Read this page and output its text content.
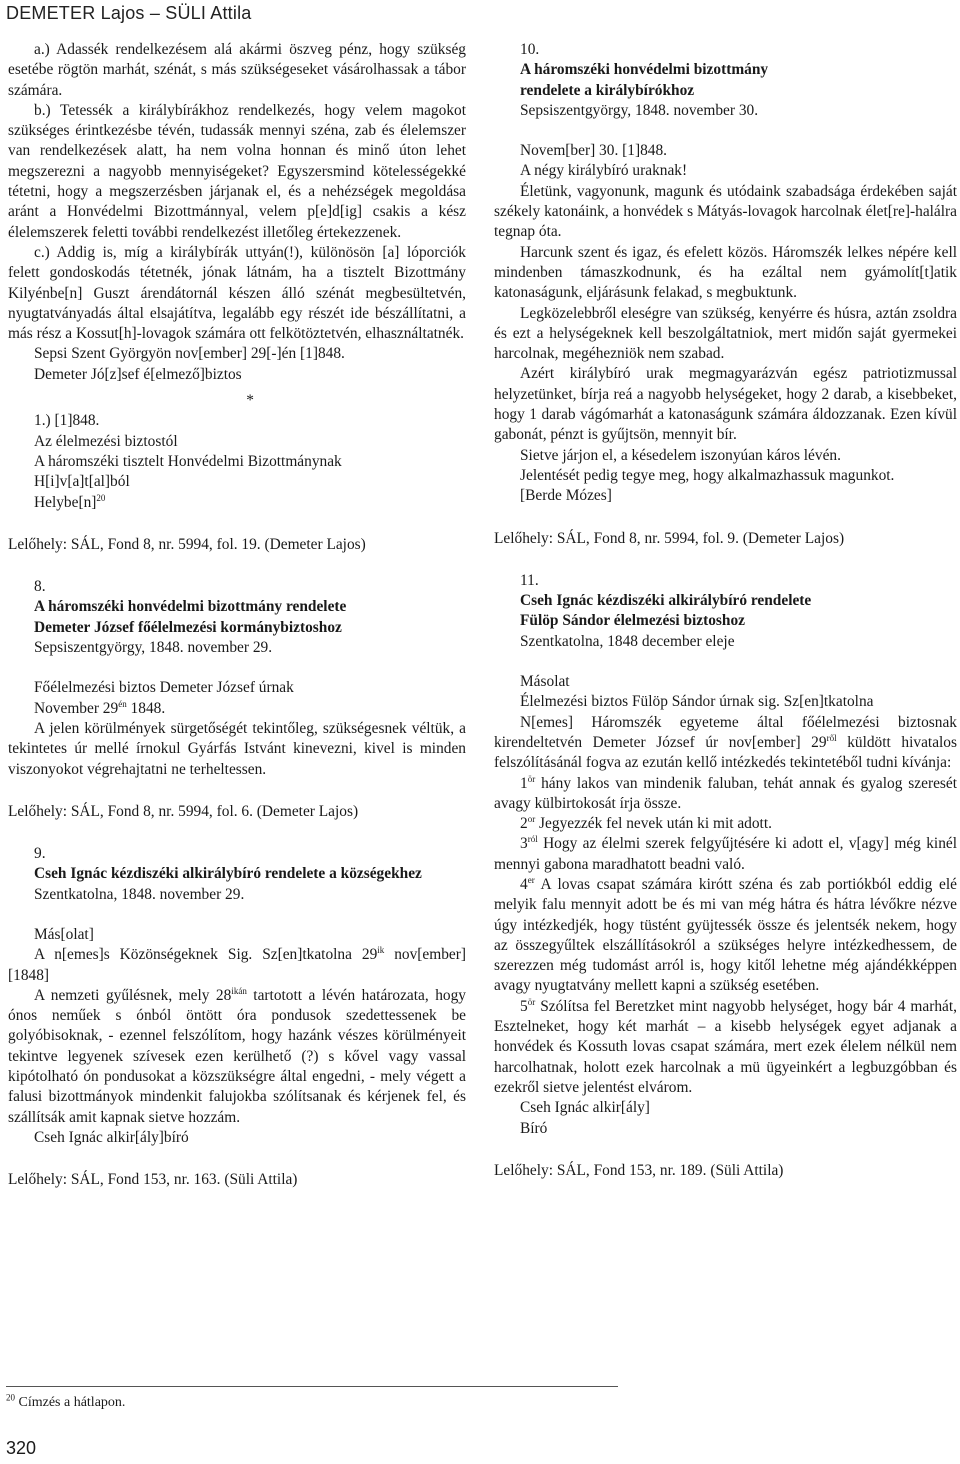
DEMETER Lajos – SÜLI Attila

a.) Adassék rendelkezésem alá akármi öszveg pénz, hogy szükség esetébe rögtön marhát, szénát, s más szükségeseket vásárolhassak a tábor számára.

b.) Tetessék a királybírákhoz rendelkezés, hogy velem magokot szükséges érintkezésbe tévén, tudassák mennyi széna, zab és élelemszer van rendelkezések alatt, ha nem volna honnan és minő úton lehet megszerezni a nagyobb mennyiségeket? Egyszersmind kötelességekké tétetni, hogy a megszerzésben járjanak el, és a nehézségek megoldása aránt a Honvédelmi Bizottmánnyal, velem p[e]d[ig] csakis a kész élelemszerek feletti további rendelkezést illetőleg értekezzenek.

c.) Addig is, míg a királybírák uttyán(!), különösön [a] lóporciók felett gondoskodás tétetnék, jónak látnám, ha a tisztelt Bizottmány Kilyénbe[n] Guszt árendátornál készen álló szénát megbesültetvén, nyugtatványadás által elsajátítva, legalább egy részét ide bészállítatni, a más rész a Kossut[h]-lovagok számára ott felkötöztetvén, elhasználtatnék.

Sepsi Szent Györgyön nov[ember] 29[-]én [1]848.

Demeter Jó[z]sef é[elmező]biztos

*

1.) [1]848.

Az élelmezési biztostól

A háromszéki tisztelt Honvédelmi Bizottmánynak

H[i]v[a]t[al]ból

$Helybe[n]^{20}$

Lelőhely: SÁL, Fond 8, nr. 5994, fol. 19. (Demeter Lajos)

8.

A háromszéki honvédelmi bizottmány rendelete

Demeter József főélelmezési kormánybiztoshoz

Sepsiszentgyörgy, 1848. november 29.

Főélelmezési biztos Demeter József úrnak

November $29^{én}$ 1848.

A jelen körülmények sürgetőségét tekintőleg, szükségesnek véltük, a tekintetes úr mellé írnokul Gyárfás Istvánt kinevezni, kivel is minden viszonyokot végrehajtatni ne terheltessen.

Lelőhely: SÁL, Fond 8, nr. 5994, fol. 6. (Demeter Lajos)

9.

Cseh Ignác kézdiszéki alkirálybíró rendelete a községekhez

Szentkatolna, 1848. november 29.

Más[olat]

A n[emes]s Közönségeknek Sig. Sz[en]tkatolna $29^{ik}$ nov[ember] [1848]

A nemzeti gyűlésnek, mely $28^{ikán}$ tartotott a lévén határozata, hogy ónos neműek s ónból öntött óra pondusok szedettessenek be golyóbisoknak, - ezennel felszólítom, hogy hazánk vészes körülményeit tekintve legyenek szívesek ezen kerülhető (?) s kővel vagy vassal kipótolható ón pondusokat a közszükségre által engedni, - mely végett a falusi bizottmányok mindenkit falujokba szólítsanak és kérjenek fel, és szállítsák amit kapnak sietve hozzám.

Cseh Ignác alkir[ály]bíró

Lelőhely: SÁL, Fond 153, nr. 163. (Süli Attila)

10.

A háromszéki honvédelmi bizottmány

rendelete a királybírókhoz

Sepsiszentgyörgy, 1848. november 30.

Novem[ber] 30. [1]848.

A négy királybíró uraknak!

Életünk, vagyonunk, magunk és utódaink szabadsága érdekében saját székely katonáink, a honvédek s Mátyás-lovagok harcolnak élet[re]-halálra tegnap óta.

Harcunk szent és igaz, és efelett közös. Háromszék lelkes népére kell mindenben támaszkodnunk, és ha ezáltal nem gyámolít[t]atik katonaságunk, eljárásunk felakad, s megbuktunk.

Legközelebbről eleségre van szükség, kenyérre és húsra, aztán zsoldra és ezt a helységeknek kell beszolgáltatniok, mert midőn saját gyermekei harcolnak, megéhezniök nem szabad.

Azért királybíró urak megmagyarázván egész patriotizmussal helyzetünket, bírja reá a nagyobb helységeket, hogy 2 darab, a kisebbeket, hogy 1 darab vágómarhát a katonaságunk számára áldozzanak. Ezen kívül gabonát, pénzt is gyűjtsön, mennyit bír.

Sietve járjon el, a késedelem iszonyúan káros lévén.

Jelentését pedig tegye meg, hogy alkalmazhassuk magunkot.

[Berde Mózes]

Lelőhely: SÁL, Fond 8, nr. 5994, fol. 9. (Demeter Lajos)

11.

Cseh Ignác kézdiszéki alkirálybíró rendelete

Fülöp Sándor élelmezési biztoshoz

Szentkatolna, 1848 december eleje

Másolat

Élelmezési biztos Fülöp Sándor úrnak sig. Sz[en]tkatolna

N[emes] Háromszék egyeteme által főélelmezési biztosnak kirendeltetvén Demeter József úr nov[ember] $29^{ről}$ küldött hivatalos felszólításánál fogva az ezután kellő intézkedés tekintetéből tudni kívánja:

$1^{ör}$ hány lakos van mindenik faluban, tehát annak és gyalog szeresét avagy külbirtokosát írja össze.

$2^{or}$ Jegyezzék fel nevek után ki mit adott.

$3^{ról}$ Hogy az élelmi szerek felgyűjtésére ki adott el, v[agy] még kinél mennyi gabona maradhatott beadni való.

4er A lovas csapat számára kirótt széna és zab portiókból eddig elé melyik falu mennyit adott be és mi van még hátra és hátra lévőkre nézve úgy intézkedjék, hogy tüstént gyüjtessék össze és jelentsék nekem, hogy az összegyűltek elszállításokról a szükséges helyre intézkedhessem, de szerezzen még tudomást arról is, hogy kitől lehetne még ajándékképpen avagy nyugtatvány mellett kapni a szükség esetében.

$5^{ör}$ Szólítsa fel Beretzket mint nagyobb helységet, hogy bár 4 marhát, Esztelneket, hogy két marhát – a kisebb helységek egyet adjanak a honvédek és Kossuth lovas csapat számára, mert ezek élelem nélkül nem harcolhatnak, holott ezek harcolnak a mü ügyeinkért a legbuzgóbban és ezekről sietve jelentést elvárom.

Cseh Ignác alkir[ály]

Bíró

Lelőhely: SÁL, Fond 153, nr. 189. (Süli Attila)

$^{20}$ Címzés a hátlapon.
320
